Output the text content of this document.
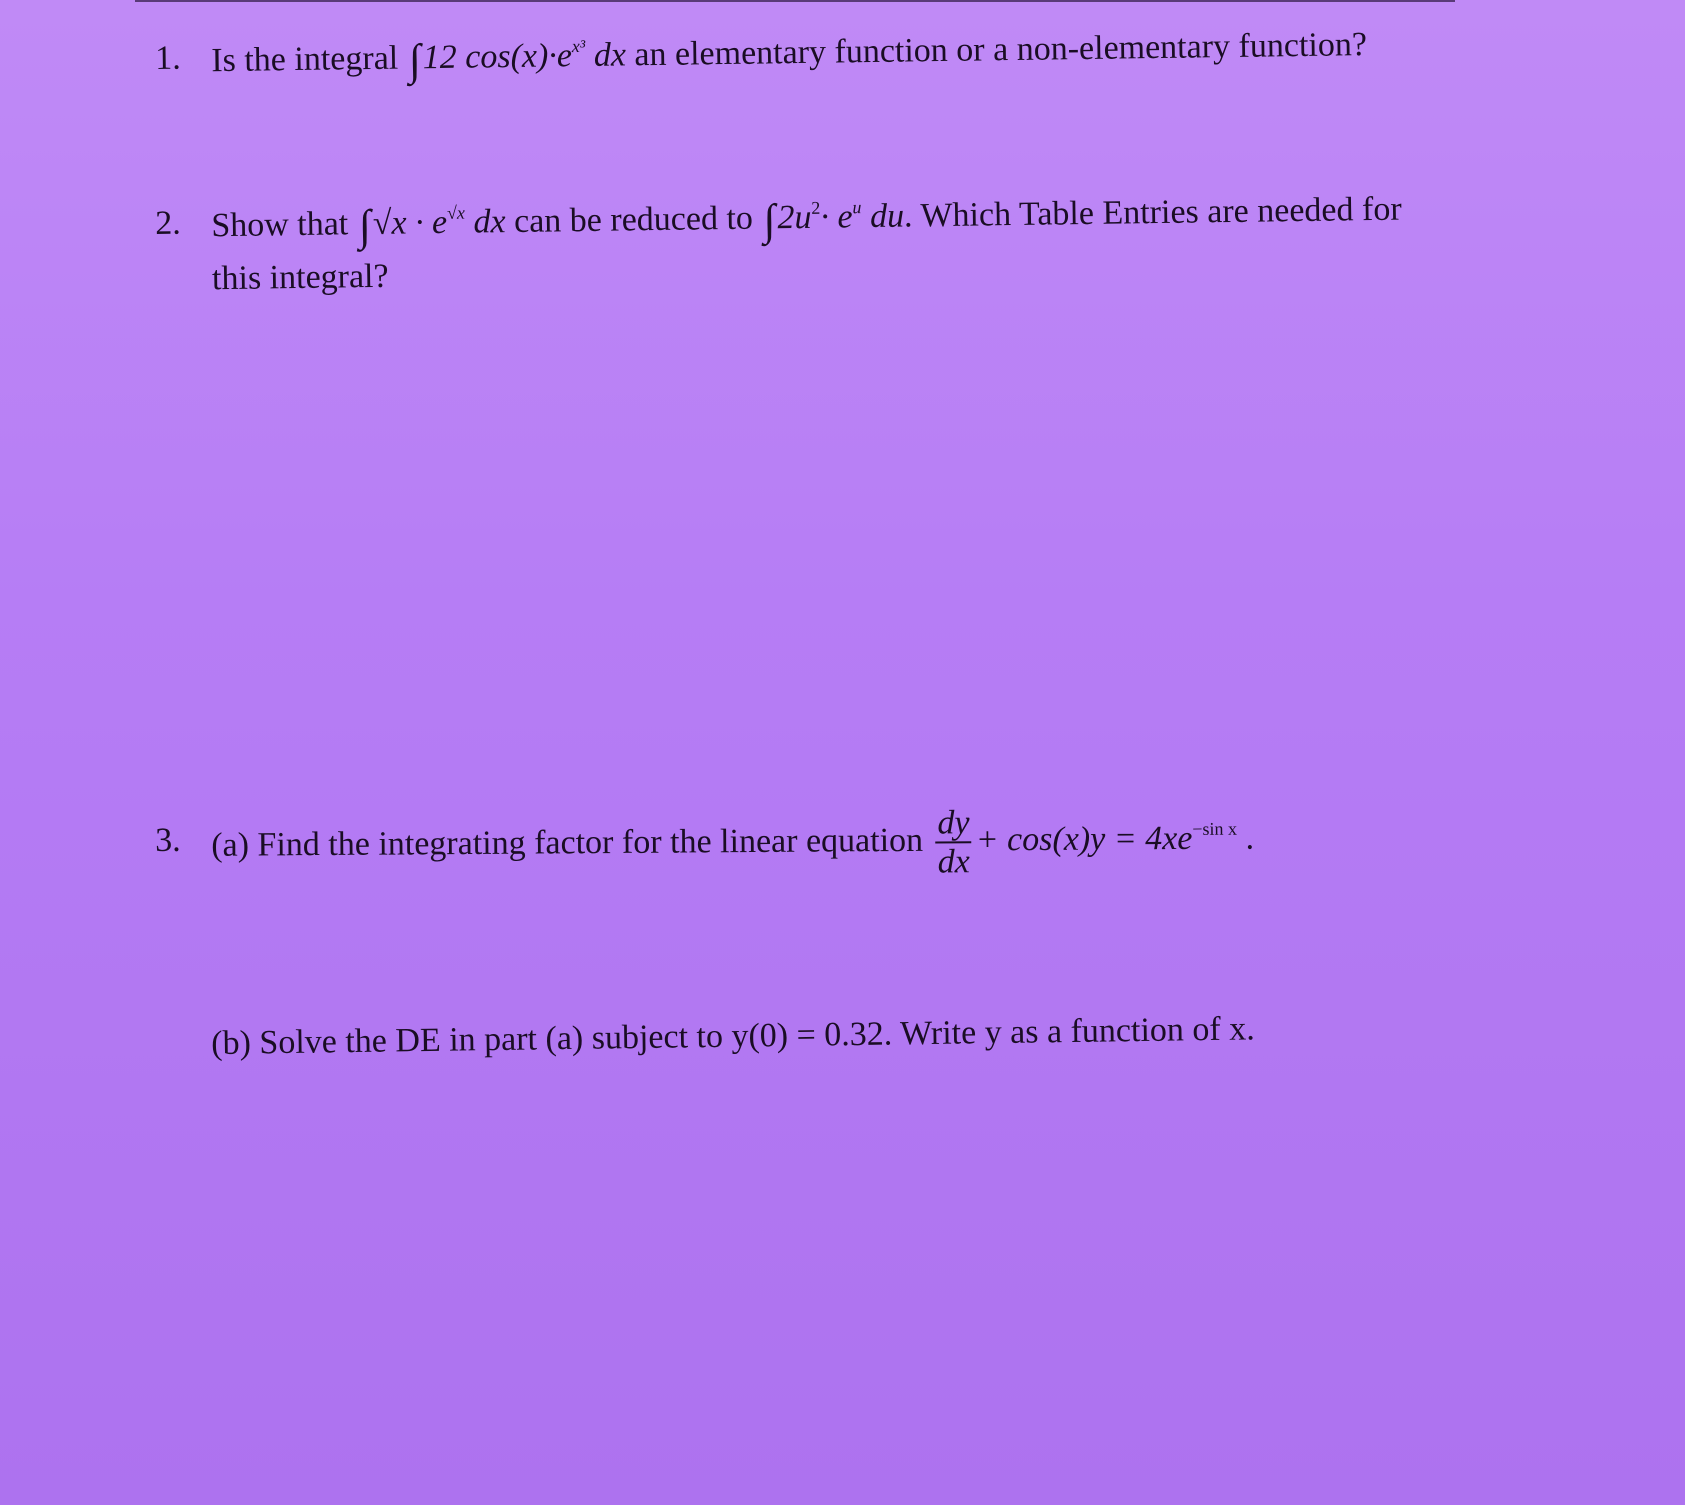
1. Is the integral ∫12 $\cos(x)\cdot e^{x^3}$ dx an elementary function or a non-elementary function?
2. Show that $\int√x \cdot e^{√x}$ dx can be reduced to $\int 2u^2\cdot e^u$ du. Which Table Entries are needed for
this integral?
3. (a) Find the integrating factor for the linear equation $\frac{dy}{dx} + \cos(x)y = 4xe^{-sin x}$ .
(b) Solve the DE in part (a) subject to y(0) = 0.32. Write y as a function of x.
